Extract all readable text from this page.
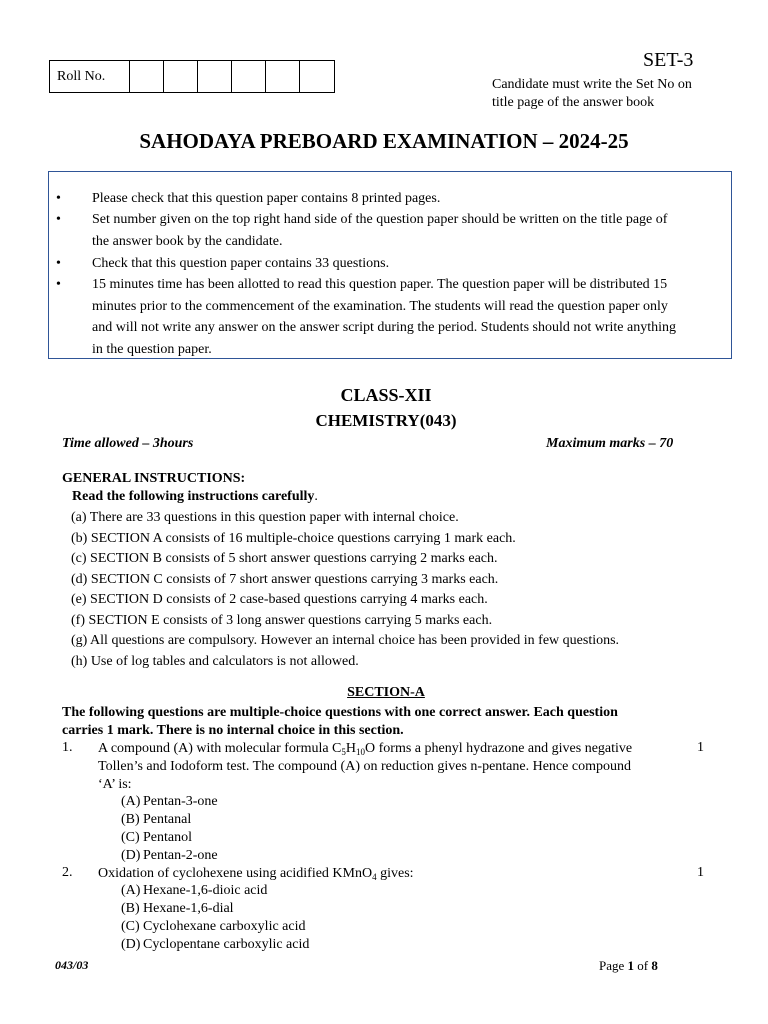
Roll No.
SET-3
Candidate must write the Set No on
title page of the answer book
SAHODAYA PREBOARD EXAMINATION – 2024-25
• Please check that this question paper contains 8 printed pages.
• Set number given on the top right hand side of the question paper should be written on the title page of
the answer book by the candidate.
• Check that this question paper contains 33 questions.
• 15 minutes time has been allotted to read this question paper. The question paper will be distributed 15
minutes prior to the commencement of the examination. The students will read the question paper only
and will not write any answer on the answer script during the period. Students should not write anything
in the question paper.
CLASS-XII
CHEMISTRY(043)
Time allowed – 3hours	Maximum marks – 70
GENERAL INSTRUCTIONS:
Read the following instructions carefully.
(a) There are 33 questions in this question paper with internal choice.
(b) SECTION A consists of 16 multiple-choice questions carrying 1 mark each.
(c) SECTION B consists of 5 short answer questions carrying 2 marks each.
(d) SECTION C consists of 7 short answer questions carrying 3 marks each.
(e) SECTION D consists of 2 case-based questions carrying 4 marks each.
(f) SECTION E consists of 3 long answer questions carrying 5 marks each.
(g) All questions are compulsory. However an internal choice has been provided in few questions.
(h) Use of log tables and calculators is not allowed.
SECTION-A
The following questions are multiple-choice questions with one correct answer. Each question
carries 1 mark. There is no internal choice in this section.
1. A compound (A) with molecular formula $C_5H_{10}O$ forms a phenyl hydrazone and gives negative
Tollen’s and Iodoform test. The compound (A) on reduction gives n-pentane. Hence compound
‘A’ is:
1
(A) Pentan-3-one
(B) Pentanal
(C) Pentanol
(D) Pentan-2-one
2. Oxidation of cyclohexene using acidified KMnO$_4$ gives:	1
(A) Hexane-1,6-dioic acid
(B) Hexane-1,6-dial
(C) Cyclohexane carboxylic acid
(D) Cyclopentane carboxylic acid
043/03	Page 1 of 8
